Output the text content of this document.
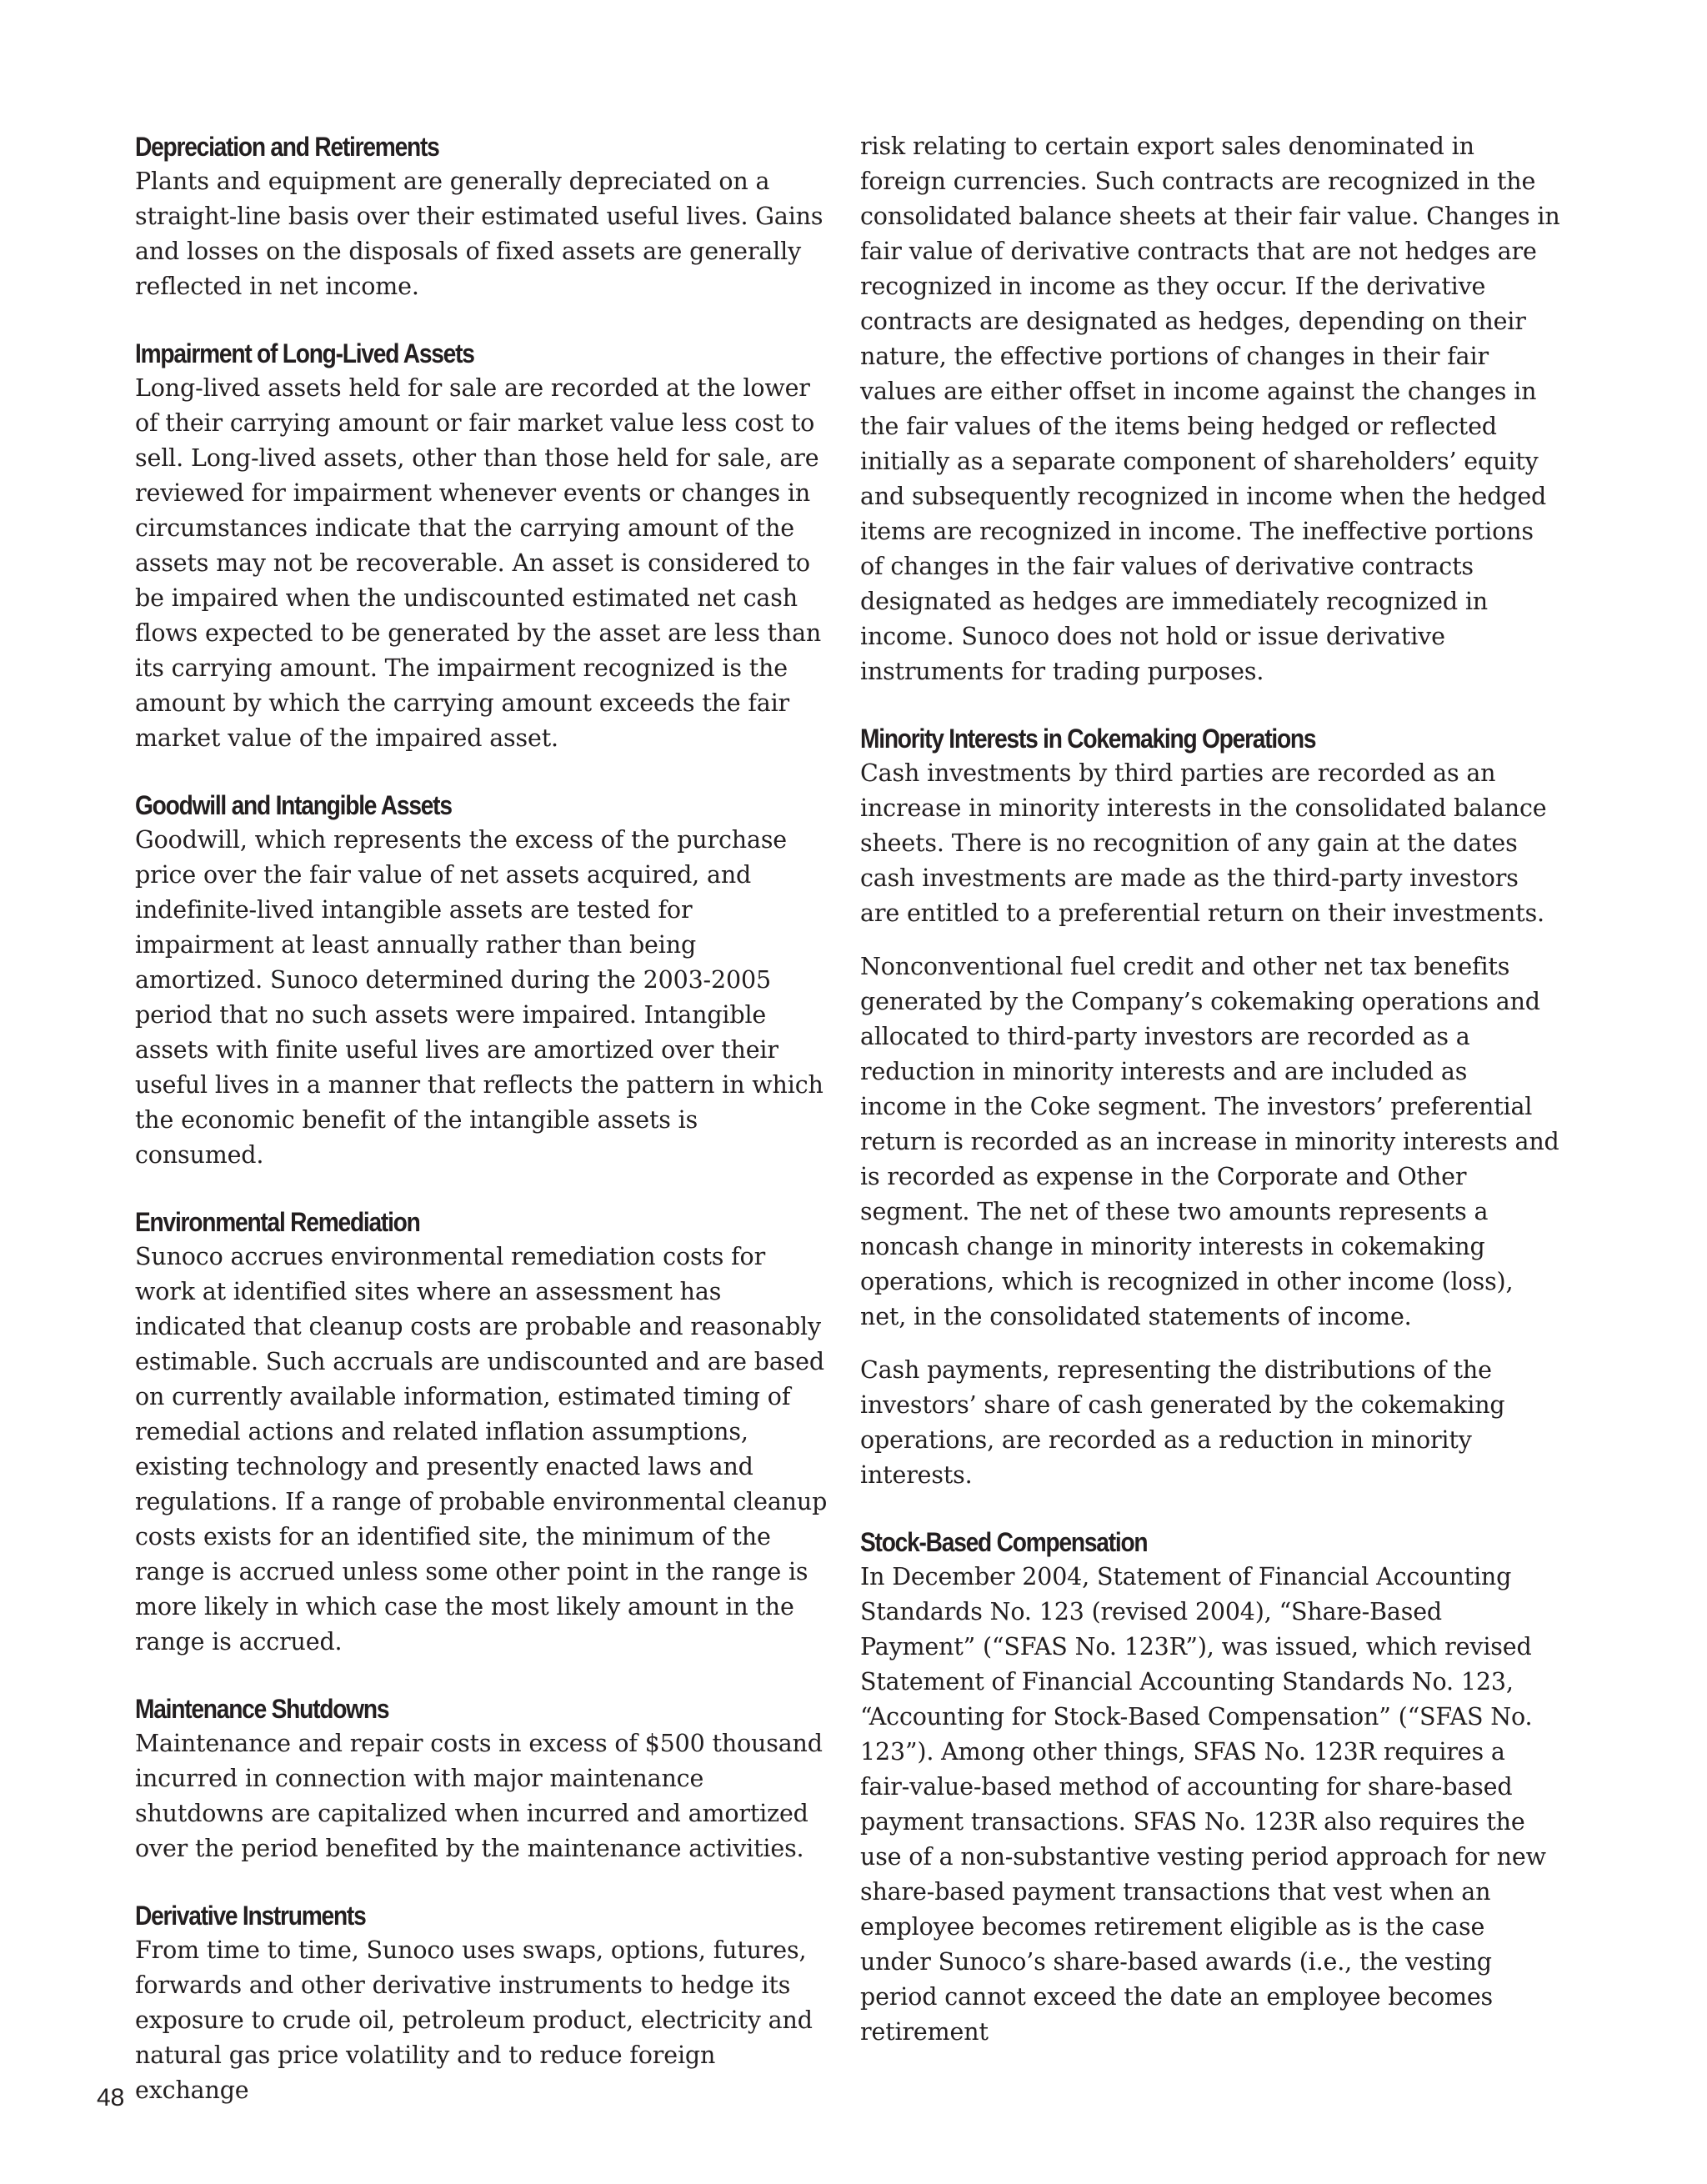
Depreciation and Retirements

Plants and equipment are generally depreciated on a straight-line basis over their estimated useful lives. Gains and losses on the disposals of fixed assets are generally reflected in net income.

Impairment of Long-Lived Assets

Long-lived assets held for sale are recorded at the lower of their carrying amount or fair market value less cost to sell. Long-lived assets, other than those held for sale, are reviewed for impairment whenever events or changes in circumstances indicate that the carrying amount of the assets may not be recoverable. An asset is considered to be impaired when the undiscounted estimated net cash flows expected to be generated by the asset are less than its carrying amount. The impairment recognized is the amount by which the carrying amount exceeds the fair market value of the impaired asset.

Goodwill and Intangible Assets

Goodwill, which represents the excess of the purchase price over the fair value of net assets acquired, and indefinite-lived intangible assets are tested for impairment at least annually rather than being amortized. Sunoco determined during the 2003-2005 period that no such assets were impaired. Intangible assets with finite useful lives are amortized over their useful lives in a manner that reflects the pattern in which the economic benefit of the intangible assets is consumed.

Environmental Remediation

Sunoco accrues environmental remediation costs for work at identified sites where an assessment has indicated that cleanup costs are probable and reasonably estimable. Such accruals are undiscounted and are based on currently available information, estimated timing of remedial actions and related inflation assumptions, existing technology and presently enacted laws and regulations. If a range of probable environmental cleanup costs exists for an identified site, the minimum of the range is accrued unless some other point in the range is more likely in which case the most likely amount in the range is accrued.

Maintenance Shutdowns

Maintenance and repair costs in excess of $500 thousand incurred in connection with major maintenance shutdowns are capitalized when incurred and amortized over the period benefited by the maintenance activities.

Derivative Instruments

From time to time, Sunoco uses swaps, options, futures, forwards and other derivative instruments to hedge its exposure to crude oil, petroleum product, electricity and natural gas price volatility and to reduce foreign exchange

risk relating to certain export sales denominated in foreign currencies. Such contracts are recognized in the consolidated balance sheets at their fair value. Changes in fair value of derivative contracts that are not hedges are recognized in income as they occur. If the derivative contracts are designated as hedges, depending on their nature, the effective portions of changes in their fair values are either offset in income against the changes in the fair values of the items being hedged or reflected initially as a separate component of shareholders’ equity and subsequently recognized in income when the hedged items are recognized in income. The ineffective portions of changes in the fair values of derivative contracts designated as hedges are immediately recognized in income. Sunoco does not hold or issue derivative instruments for trading purposes.

Minority Interests in Cokemaking Operations

Cash investments by third parties are recorded as an increase in minority interests in the consolidated balance sheets. There is no recognition of any gain at the dates cash investments are made as the third-party investors are entitled to a preferential return on their investments.

Nonconventional fuel credit and other net tax benefits generated by the Company’s cokemaking operations and allocated to third-party investors are recorded as a reduction in minority interests and are included as income in the Coke segment. The investors’ preferential return is recorded as an increase in minority interests and is recorded as expense in the Corporate and Other segment. The net of these two amounts represents a noncash change in minority interests in cokemaking operations, which is recognized in other income (loss), net, in the consolidated statements of income.

Cash payments, representing the distributions of the investors’ share of cash generated by the cokemaking operations, are recorded as a reduction in minority interests.

Stock-Based Compensation

In December 2004, Statement of Financial Accounting Standards No. 123 (revised 2004), “Share-Based Payment” (“SFAS No. 123R”), was issued, which revised Statement of Financial Accounting Standards No. 123, “Accounting for Stock-Based Compensation” (“SFAS No. 123”). Among other things, SFAS No. 123R requires a fair-value-based method of accounting for share-based payment transactions. SFAS No. 123R also requires the use of a non-substantive vesting period approach for new share-based payment transactions that vest when an employee becomes retirement eligible as is the case under Sunoco’s share-based awards (i.e., the vesting period cannot exceed the date an employee becomes retirement

48
